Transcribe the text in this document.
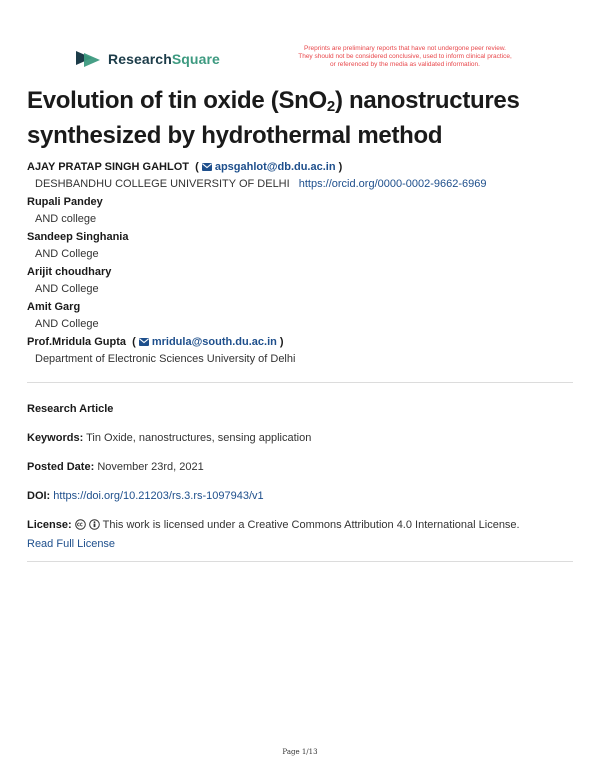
ResearchSquare
Preprints are preliminary reports that have not undergone peer review.
They should not be considered conclusive, used to inform clinical practice,
or referenced by the media as validated information.
Evolution of tin oxide (SnO$_2$) nanostructures synthesized by hydrothermal method
AJAY PRATAP SINGH GAHLOT  ( apsgahlot@db.du.ac.in )
DESHBANDHU COLLEGE UNIVERSITY OF DELHI https://orcid.org/0000-0002-9662-6969
Rupali Pandey
AND college
Sandeep Singhania
AND College
Arijit choudhary
AND College
Amit Garg
AND College
Prof.Mridula Gupta  ( mridula@south.du.ac.in )
Department of Electronic Sciences University of Delhi
Research Article
Keywords: Tin Oxide, nanostructures, sensing application
Posted Date: November 23rd, 2021
DOI: https://doi.org/10.21203/rs.3.rs-1097943/v1
License:	This work is licensed under a Creative Commons Attribution 4.0 International License.
Read Full License
Page 1/13
